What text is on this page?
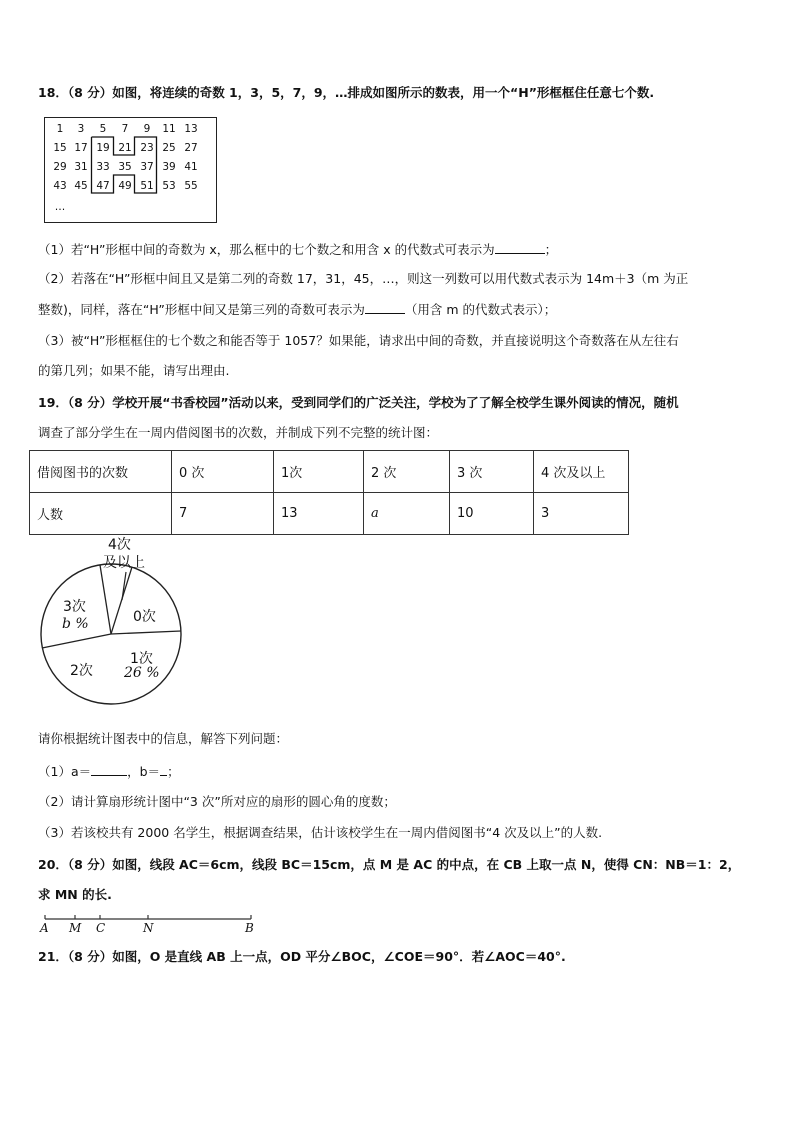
18．（8 分）如图，将连续的奇数 1，3，5，7，9，…排成如图所示的数表，用一个“H”形框框住任意七个数.
1	3	5	7	9	11 13
15 17 19 21 23 25 27
29 31 33 35 37 39 41
43 45 47 49 51 53 55
…
（1）若“H”形框中间的奇数为 x，那么框中的七个数之和用含 x 的代数式可表示为	；
（2）若落在“H”形框中间且又是第二列的奇数 17，31，45，…，则这一列数可以用代数式表示为 14m＋3（m 为正
整数)，同样，落在“H”形框中间又是第三列的奇数可表示为	（用含 m 的代数式表示）；
（3）被“H”形框框住的七个数之和能否等于 1057？如果能，请求出中间的奇数，并直接说明这个奇数落在从左往右
的第几列；如果不能，请写出理由.
19．（8 分）学校开展“书香校园”活动以来，受到同学们的广泛关注，学校为了了解全校学生课外阅读的情况，随机
调查了部分学生在一周内借阅图书的次数，并制成下列不完整的统计图：
借阅图书的次数	0 次	1次	2 次	3 次	4 次及以上
人数	7	13	a	10	3
4次
及以上
0次
3次
b %
2次
1次
26 %
请你根据统计图表中的信息，解答下列问题：
（1）a＝	，b＝ ；
（2）请计算扇形统计图中“3 次”所对应的扇形的圆心角的度数；
（3）若该校共有 2000 名学生，根据调查结果，估计该校学生在一周内借阅图书“4 次及以上”的人数.
20．（8 分）如图，线段 AC＝6cm，线段 BC＝15cm，点 M 是 AC 的中点，在 CB 上取一点 N，使得 CN：NB＝1：2，
求 MN 的长.
A M C	N	B
21．（8 分）如图，O 是直线 AB 上一点，OD 平分∠BOC，∠COE＝90°．若∠AOC＝40°.
